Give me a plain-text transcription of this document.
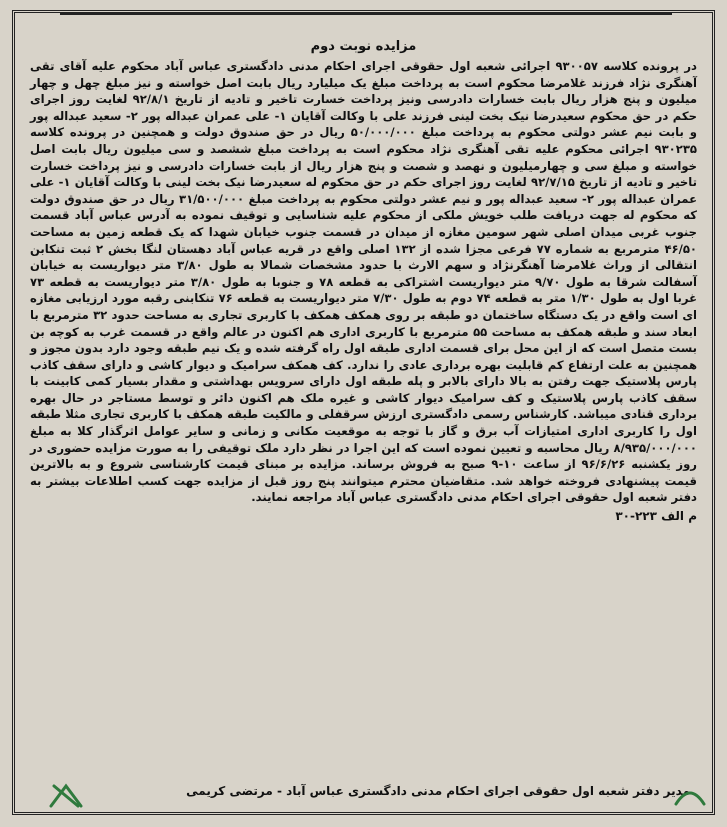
مزایده نوبت دوم

در پرونده کلاسه ۹۳۰۰۵۷ اجرائی شعبه اول حقوقی اجرای احکام مدنی دادگستری عباس آباد محکوم علیه آقای تقی آهنگری نژاد فرزند غلامرضا محکوم است به پرداخت مبلغ یک میلیارد ریال بابت اصل خواسته و نیز مبلغ چهل و چهار میلیون و پنج هزار ریال بابت خسارات دادرسی ونیز پرداخت خسارت تاخیر و تادیه از تاریخ ۹۲/۸/۱ لغایت روز اجرای حکم در حق محکوم سعیدرضا نیک بخت لینی فرزند علی با وکالت آقایان ۱- علی عمران عبداله پور ۲- سعید عبداله پور و بابت نیم عشر دولتی محکوم به پرداخت مبلغ ۵۰/۰۰۰/۰۰۰ ریال در حق صندوق دولت و همچنین در پرونده کلاسه ۹۳۰۲۳۵ اجرائی محکوم علیه تقی آهنگری نژاد محکوم است به پرداخت مبلغ ششصد و سی میلیون ریال بابت اصل خواسته و مبلغ سی و چهارمیلیون و نهصد و شصت و پنج هزار ریال از بابت خسارات دادرسی و نیز پرداخت خسارت تاخیر و تادیه از تاریخ ۹۲/۷/۱۵ لغایت روز اجرای حکم در حق محکوم له سعیدرضا نیک بخت لینی با وکالت آقایان ۱- علی عمران عبداله پور ۲- سعید عبداله پور و نیم عشر دولتی محکوم به پرداخت مبلغ ۳۱/۵۰۰/۰۰۰ ریال در حق صندوق دولت که محکوم له جهت دریافت طلب خویش ملکی از محکوم علیه شناسایی و توقیف نموده به آدرس عباس آباد قسمت جنوب غربی میدان اصلی شهر سومین مغازه از میدان در قسمت جنوب خیابان شهدا که یک قطعه زمین به مساحت ۴۶/۵۰ مترمربع به شماره ۷۷ فرعی مجزا شده از ۱۳۲ اصلی واقع در قریه عباس آباد دهستان لنگا بخش ۲ ثبت تنکابن انتقالی از وراث غلامرضا آهنگرنژاد و سهم الارث با حدود مشخصات شمالا به طول ۳/۸۰ متر دیواریست به خیابان آسفالت شرقا به طول ۹/۷۰ متر دیواریست اشتراکی به قطعه ۷۸ و جنوبا به طول ۳/۸۰ متر دیواریست به قطعه ۷۳ غربا اول به طول ۱/۳۰ متر به قطعه ۷۴ دوم به طول ۷/۳۰ متر دیواریست به قطعه ۷۶ تنکابنی رقبه مورد ارزیابی مغازه ای است واقع در یک دستگاه ساختمان دو طبقه بر روی همکف همکف با کاربری تجاری به مساحت حدود ۳۲ مترمربع با ابعاد سند و طبقه همکف به مساحت ۵۵ مترمربع با کاربری اداری هم اکنون در عالم واقع در قسمت غرب به کوچه بن بست متصل است که از این محل برای قسمت اداری طبقه اول راه گرفته شده و یک نیم طبقه وجود دارد بدون مجوز و همچنین به علت ارتفاع کم قابلیت بهره برداری عادی را ندارد. کف همکف سرامیک و دیوار کاشی و دارای سقف کاذب پارس پلاستیک جهت رفتن به بالا دارای بالابر و پله طبقه اول دارای سرویس بهداشتی و مقدار بسیار کمی کابینت با سقف کاذب پارس پلاستیک و کف سرامیک دیوار کاشی و غیره ملک هم اکنون دائر و توسط مستاجر در حال بهره برداری قنادی میباشد. کارشناس رسمی دادگستری ارزش سرقفلی و مالکیت طبقه همکف با کاربری تجاری مثلا طبقه اول را کاربری اداری امتیازات آب برق و گاز با توجه به موقعیت مکانی و زمانی و سایر عوامل اثرگذار کلا به مبلغ ۸/۹۳۵/۰۰۰/۰۰۰ ریال محاسبه و تعیین نموده است که این اجرا در نظر دارد ملک توقیفی را به صورت مزایده حضوری در روز یکشنبه ۹۶/۶/۲۶ از ساعت ۱۰-۹ صبح به فروش برساند. مزایده بر مبنای قیمت کارشناسی شروع و به بالاترین قیمت پیشنهادی فروخته خواهد شد. متقاضیان محترم میتوانند پنج روز قبل از مزایده جهت کسب اطلاعات بیشتر به دفتر شعبه اول حقوقی اجرای احکام مدنی دادگستری عباس آباد مراجعه نمایند.

م الف ۲۲۳-۳۰
مدیر دفتر شعبه اول حقوقی اجرای احکام مدنی دادگستری عباس آباد - مرتضی کریمی
